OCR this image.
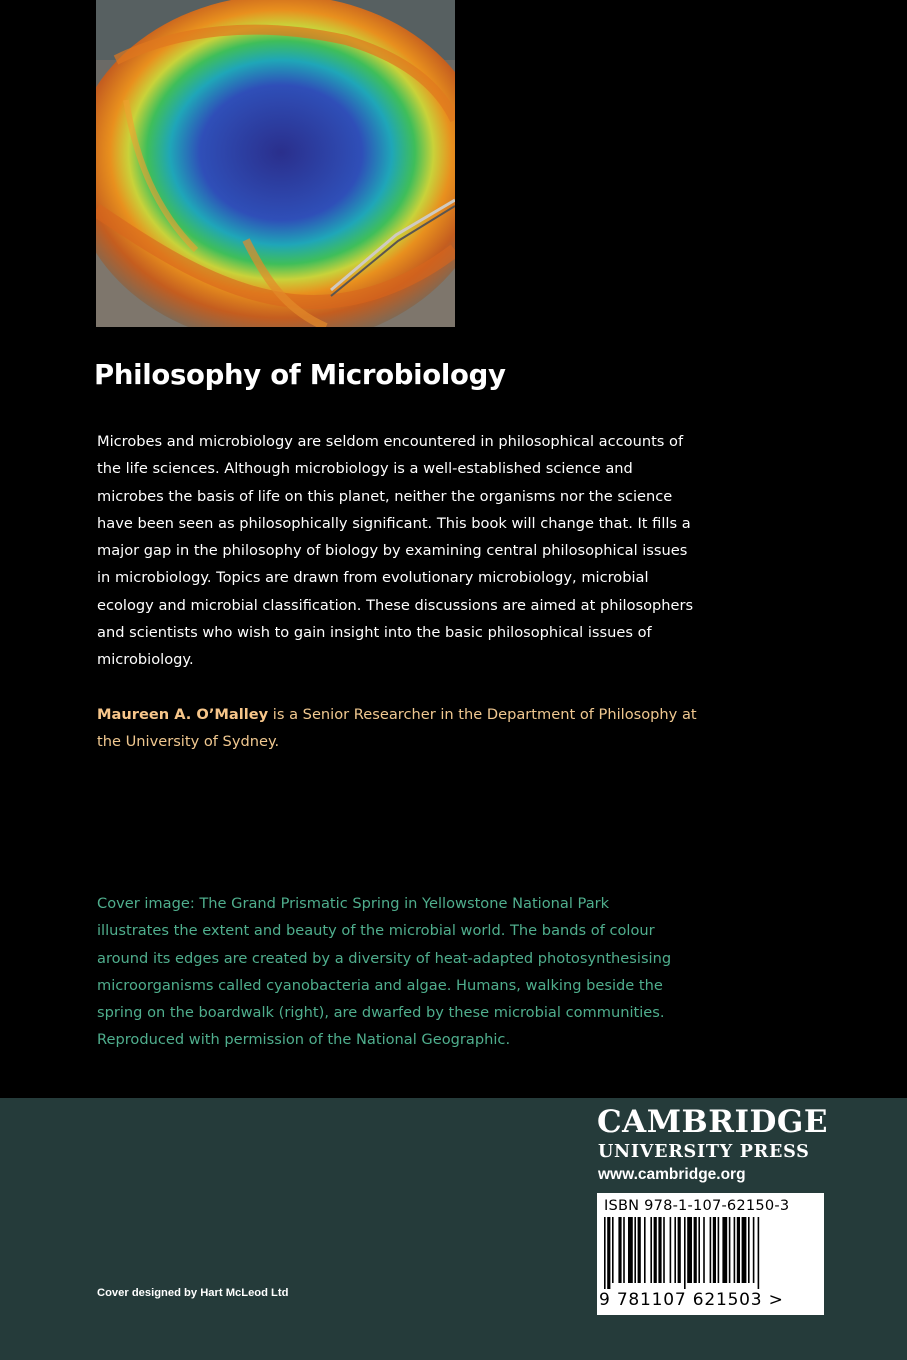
Philosophy of Microbiology

Microbes and microbiology are seldom encountered in philosophical accounts of the life sciences. Although microbiology is a well-established science and microbes the basis of life on this planet, neither the organisms nor the science have been seen as philosophically significant. This book will change that. It fills a major gap in the philosophy of biology by examining central philosophical issues in microbiology. Topics are drawn from evolutionary microbiology, microbial ecology and microbial classification. These discussions are aimed at philosophers and scientists who wish to gain insight into the basic philosophical issues of microbiology.

Maureen A. O’Malley is a Senior Researcher in the Department of Philosophy at the University of Sydney.

Cover image: The Grand Prismatic Spring in Yellowstone National Park illustrates the extent and beauty of the microbial world. The bands of colour around its edges are created by a diversity of heat-adapted photosynthesising microorganisms called cyanobacteria and algae. Humans, walking beside the spring on the boardwalk (right), are dwarfed by these microbial communities. Reproduced with permission of the National Geographic.

CAMBRIDGE

UNIVERSITY PRESS

www.cambridge.org

Cover designed by Hart McLeod Ltd

ISBN 978-1-107-62150-3

9 781107 621503 >
